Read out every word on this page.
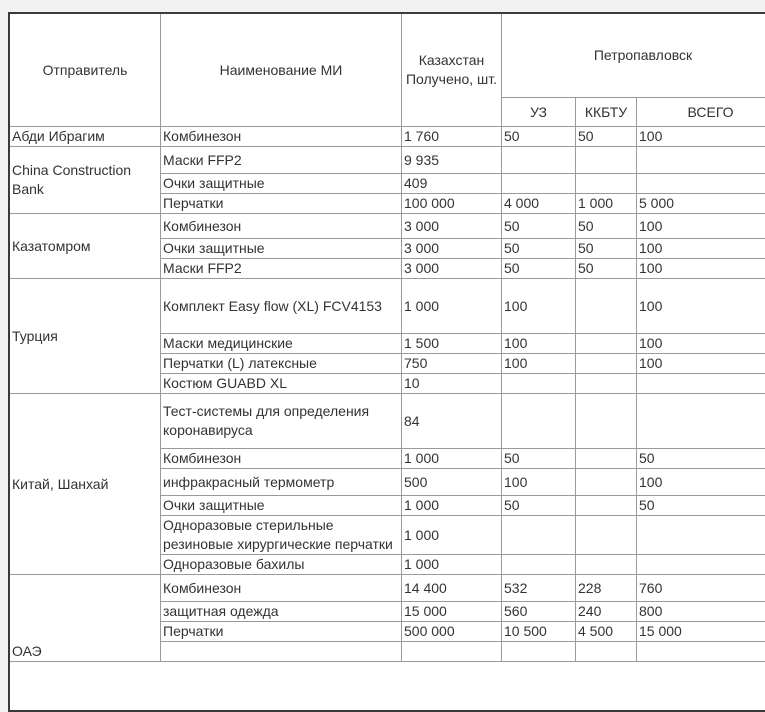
Отправитель	Наименование МИ	Казахстан Получено, шт.	Петропавловск		
			УЗ	ККБТУ	ВСЕГО
Абди Ибрагим	Комбинезон	1 760	50	50	100
China Construction Bank	Маски FFP2	9 935			
	Очки защитные	409			
	Перчатки	100 000	4 000	1 000	5 000
Казатомром	Комбинезон	3 000	50	50	100
	Очки защитные	3 000	50	50	100
	Маски FFP2	3 000	50	50	100
Турция	Комплект Easy flow (XL) FCV4153	1 000	100		100
	Маски медицинские	1 500	100		100
	Перчатки (L) латексные	750	100		100
	Костюм GUABD XL	10			
Китай, Шанхай	Тест-системы для определения коронавируса	84			
	Комбинезон	1 000	50		50
	инфракрасный термометр	500	100		100
	Очки защитные	1 000	50		50
	Одноразовые стерильные резиновые хирургические перчатки	1 000			
	Одноразовые бахилы	1 000			
ОАЭ	Комбинезон	14 400	532	228	760
	защитная одежда	15 000	560	240	800
	Перчатки	500 000	10 500	4 500	15 000
